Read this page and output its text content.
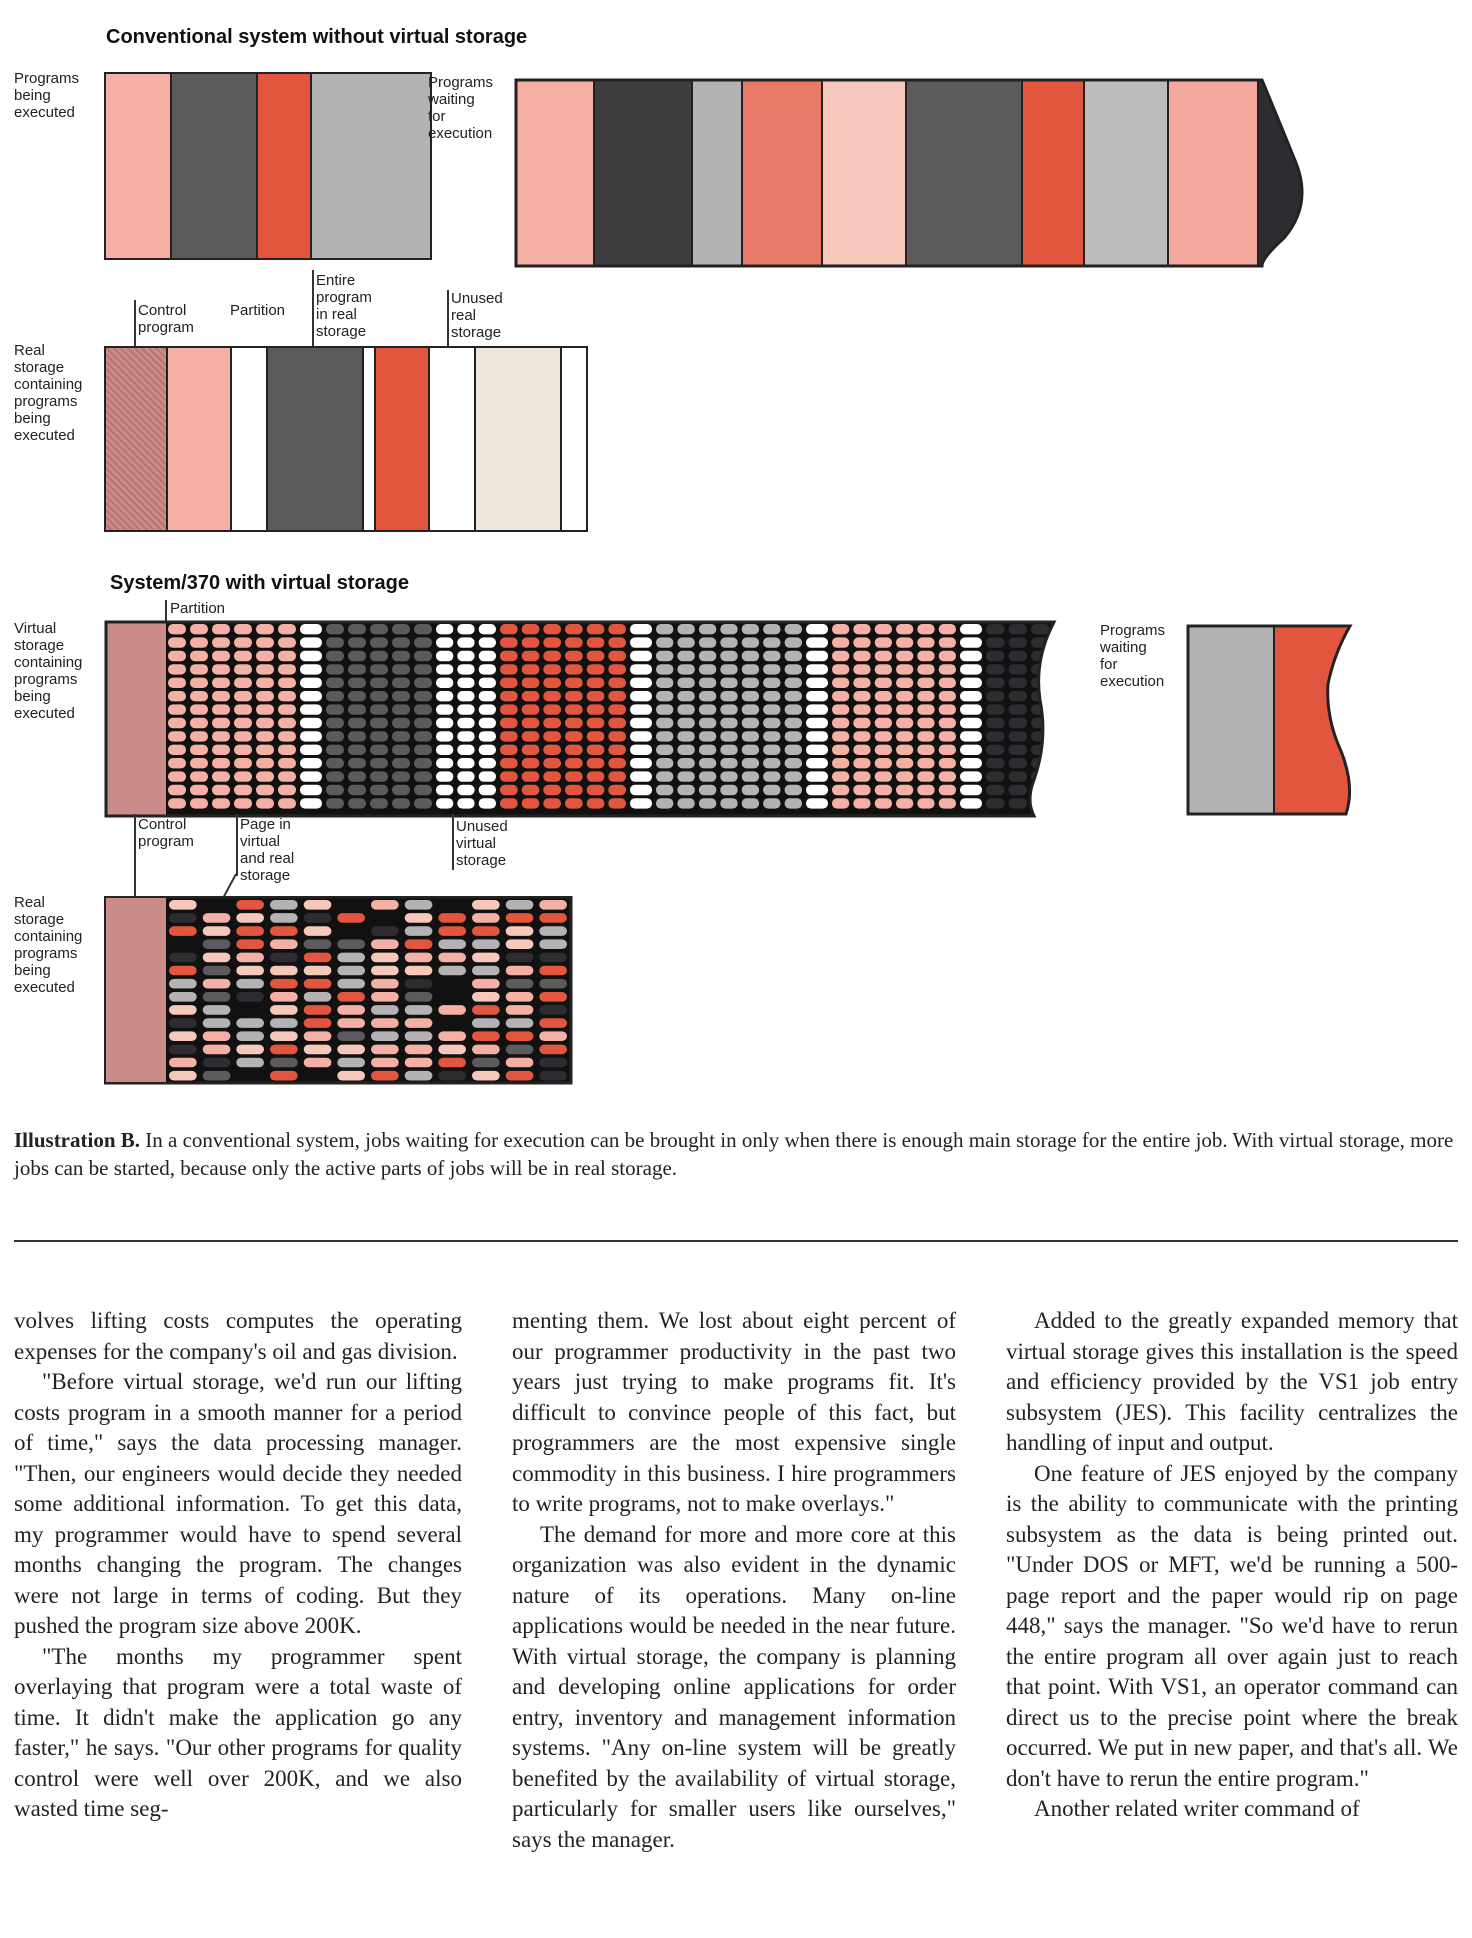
Conventional system without virtual storage
Programs
being
executed
Programs
waiting
for
execution
Control
program
Partition
Entire
program
in real
storage
Unused
real
storage
Real
storage
containing
programs
being
executed
System/370 with virtual storage
Partition
Virtual
storage
containing
programs
being
executed
Programs
waiting
for
execution
Control
program
Page in
virtual
and real
storage
Unused
virtual
storage
Real
storage
containing
programs
being
executed
Illustration B. In a conventional system, jobs waiting for execution can be brought in only when there is enough main storage for the entire job. With virtual storage, more jobs can be started, because only the active parts of jobs will be in real storage.

volves lifting costs computes the operating expenses for the company's oil and gas division.

"Before virtual storage, we'd run our lifting costs program in a smooth manner for a period of time," says the data processing manager. "Then, our engineers would decide they needed some additional information. To get this data, my programmer would have to spend several months changing the program. The changes were not large in terms of coding. But they pushed the program size above 200K.

"The months my programmer spent overlaying that program were a total waste of time. It didn't make the application go any faster," he says. "Our other programs for quality control were well over 200K, and we also wasted time seg-

menting them. We lost about eight percent of our programmer productivity in the past two years just trying to make programs fit. It's difficult to convince people of this fact, but programmers are the most expensive single commodity in this business. I hire programmers to write programs, not to make overlays."

The demand for more and more core at this organization was also evident in the dynamic nature of its operations. Many on-line applications would be needed in the near future. With virtual storage, the company is planning and developing online applications for order entry, inventory and management information systems. "Any on-line system will be greatly benefited by the availability of virtual storage, particularly for smaller users like ourselves," says the manager.

Added to the greatly expanded memory that virtual storage gives this installation is the speed and efficiency provided by the VS1 job entry subsystem (JES). This facility centralizes the handling of input and output.

One feature of JES enjoyed by the company is the ability to communicate with the printing subsystem as the data is being printed out. "Under DOS or MFT, we'd be running a 500-page report and the paper would rip on page 448," says the manager. "So we'd have to rerun the entire program all over again just to reach that point. With VS1, an operator command can direct us to the precise point where the break occurred. We put in new paper, and that's all. We don't have to rerun the entire program."

Another related writer command of
